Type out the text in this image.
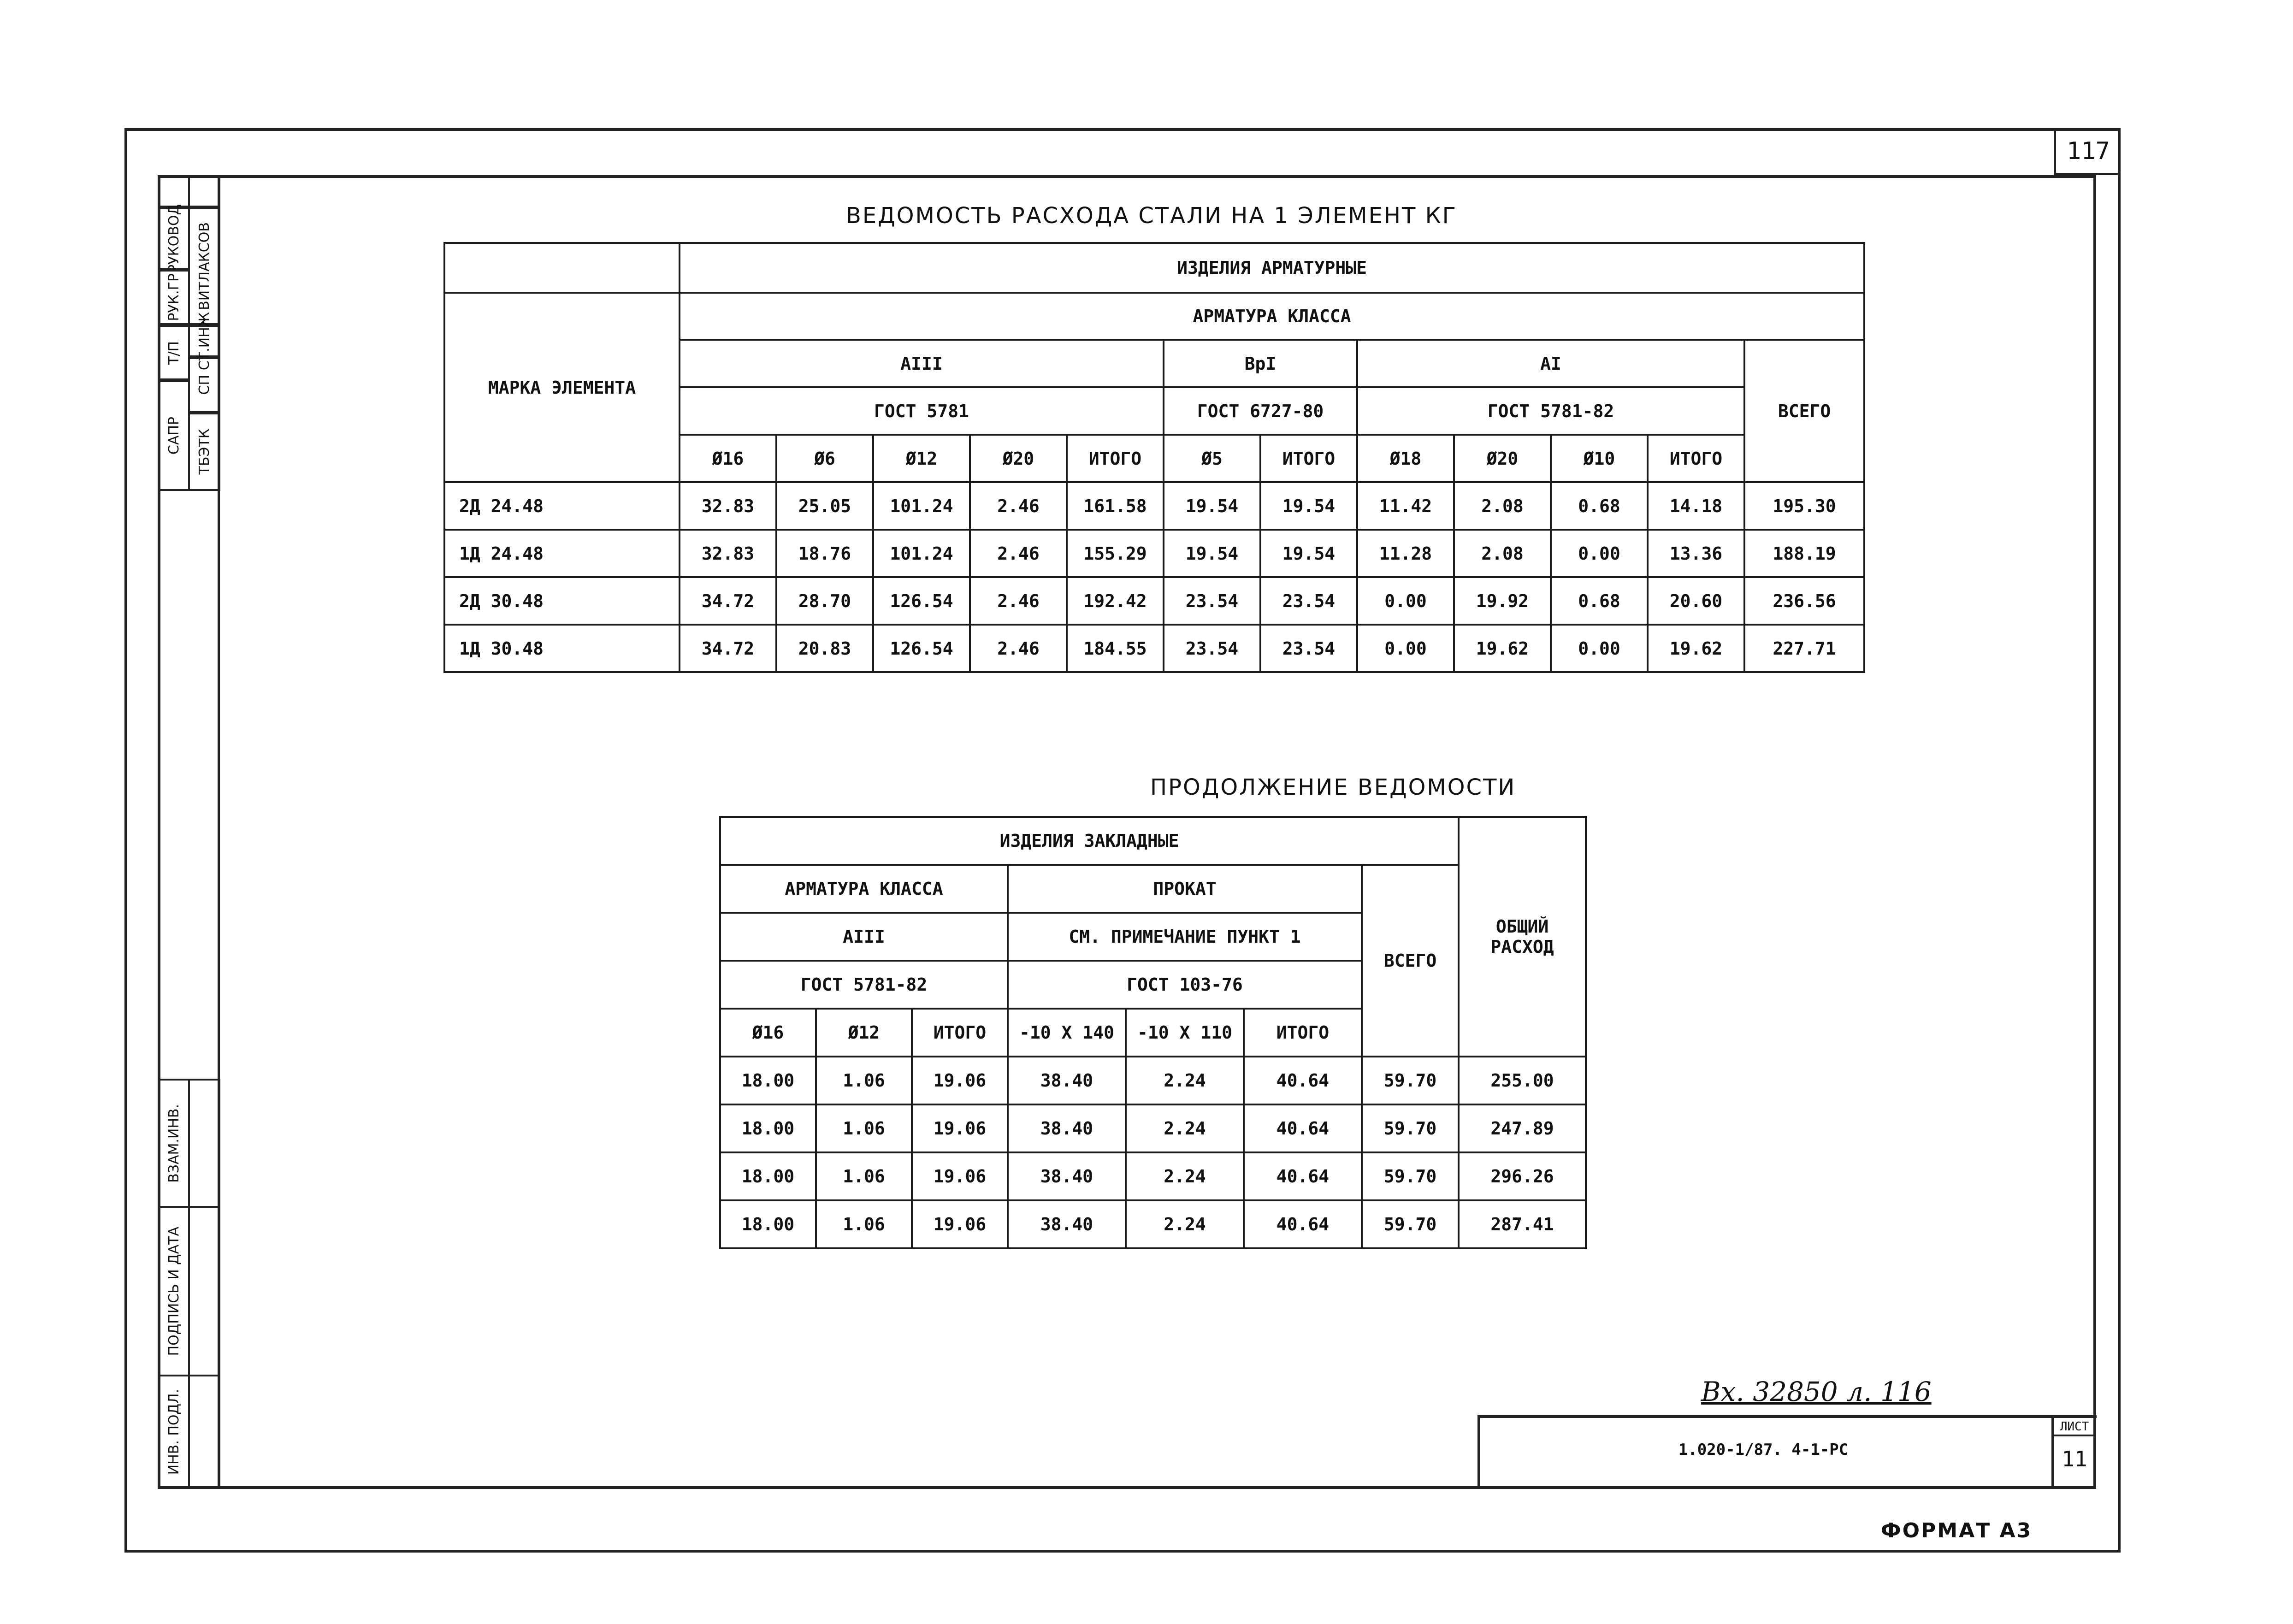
117
РУКОВОД ВИТЛАКСОВ
РУК.ГР
Т/П СТ.ИНЖ
СП
САПР ТБЭТК
ВЗАМ.ИНВ.
ПОДПИСЬ И ДАТА
ИНВ. ПОДЛ.
ВЕДОМОСТЬ РАСХОДА СТАЛИ НА 1 ЭЛЕМЕНТ КГ
	ИЗДЕЛИЯ АРМАТУРНЫЕ											
МАРКА ЭЛЕМЕНТА	АРМАТУРА КЛАССА											
	АIII					ВрI		АI				ВСЕГО
	ГОСТ 5781					ГОСТ 6727-80		ГОСТ 5781-82				
	Ø16	Ø6	Ø12	Ø20	ИТОГО	Ø5	ИТОГО	Ø18	Ø20	Ø10	ИТОГО	
2Д 24.48	32.83	25.05	101.24	2.46	161.58	19.54	19.54	11.42	2.08	0.68	14.18	195.30
1Д 24.48	32.83	18.76	101.24	2.46	155.29	19.54	19.54	11.28	2.08	0.00	13.36	188.19
2Д 30.48	34.72	28.70	126.54	2.46	192.42	23.54	23.54	0.00	19.92	0.68	20.60	236.56
1Д 30.48	34.72	20.83	126.54	2.46	184.55	23.54	23.54	0.00	19.62	0.00	19.62	227.71
ПРОДОЛЖЕНИЕ ВЕДОМОСТИ
ИЗДЕЛИЯ ЗАКЛАДНЫЕ							ОБЩИЙ РАСХОД
АРМАТУРА КЛАССА			ПРОКАТ			ВСЕГО	
АIII			СМ. ПРИМЕЧАНИЕ ПУНКТ 1				
ГОСТ 5781-82			ГОСТ 103-76				
Ø16	Ø12	ИТОГО	-10 X 140	-10 X 110	ИТОГО		
18.00	1.06	19.06	38.40	2.24	40.64	59.70	255.00
18.00	1.06	19.06	38.40	2.24	40.64	59.70	247.89
18.00	1.06	19.06	38.40	2.24	40.64	59.70	296.26
18.00	1.06	19.06	38.40	2.24	40.64	59.70	287.41
Вх. 32850 л. 116
1.020-1/87. 4-1-РС
ЛИСТ
11
ФОРМАТ А3
